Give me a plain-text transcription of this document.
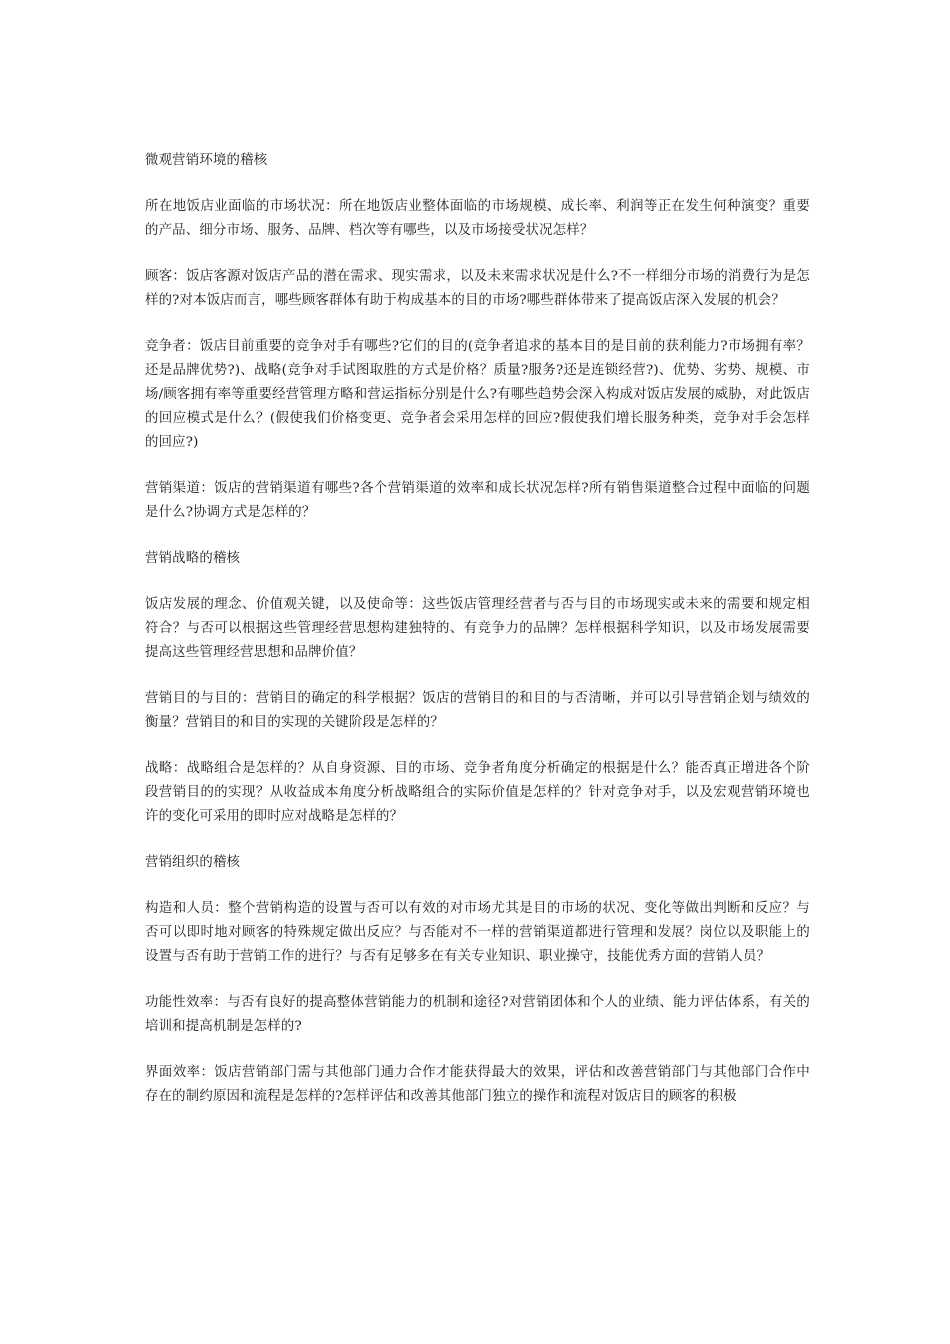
微观营销环境的稽核

所在地饭店业面临的市场状况：所在地饭店业整体面临的市场规模、成长率、利润等正在发生何种演变？重要的产品、细分市场、服务、品牌、档次等有哪些，以及市场接受状况怎样？

顾客：饭店客源对饭店产品的潜在需求、现实需求，以及未来需求状况是什么?不一样细分市场的消费行为是怎样的?对本饭店而言，哪些顾客群体有助于构成基本的目的市场?哪些群体带来了提高饭店深入发展的机会？

竞争者：饭店目前重要的竞争对手有哪些?它们的目的(竞争者追求的基本目的是目前的获利能力?市场拥有率？还是品牌优势?)、战略(竞争对手试图取胜的方式是价格？质量?服务?还是连锁经营?)、优势、劣势、规模、市场/顾客拥有率等重要经营管理方略和营运指标分别是什么?有哪些趋势会深入构成对饭店发展的威胁，对此饭店的回应模式是什么？(假使我们价格变更、竞争者会采用怎样的回应?假使我们增长服务种类，竞争对手会怎样的回应?)

营销渠道：饭店的营销渠道有哪些?各个营销渠道的效率和成长状况怎样?所有销售渠道整合过程中面临的问题是什么?协调方式是怎样的？

营销战略的稽核

饭店发展的理念、价值观关键，以及使命等：这些饭店管理经营者与否与目的市场现实或未来的需要和规定相符合？与否可以根据这些管理经营思想构建独特的、有竞争力的品牌？怎样根据科学知识，以及市场发展需要提高这些管理经营思想和品牌价值？

营销目的与目的：营销目的确定的科学根据？饭店的营销目的和目的与否清晰，并可以引导营销企划与绩效的衡量？营销目的和目的实现的关键阶段是怎样的？

战略：战略组合是怎样的？从自身资源、目的市场、竞争者角度分析确定的根据是什么？能否真正增进各个阶段营销目的的实现？从收益成本角度分析战略组合的实际价值是怎样的？针对竞争对手，以及宏观营销环境也许的变化可采用的即时应对战略是怎样的？

营销组织的稽核

构造和人员：整个营销构造的设置与否可以有效的对市场尤其是目的市场的状况、变化等做出判断和反应？与否可以即时地对顾客的特殊规定做出反应？与否能对不一样的营销渠道都进行管理和发展？岗位以及职能上的设置与否有助于营销工作的进行？与否有足够多在有关专业知识、职业操守，技能优秀方面的营销人员？

功能性效率：与否有良好的提高整体营销能力的机制和途径?对营销团体和个人的业绩、能力评估体系，有关的培训和提高机制是怎样的?

界面效率：饭店营销部门需与其他部门通力合作才能获得最大的效果，评估和改善营销部门与其他部门合作中存在的制约原因和流程是怎样的?怎样评估和改善其他部门独立的操作和流程对饭店目的顾客的积极
